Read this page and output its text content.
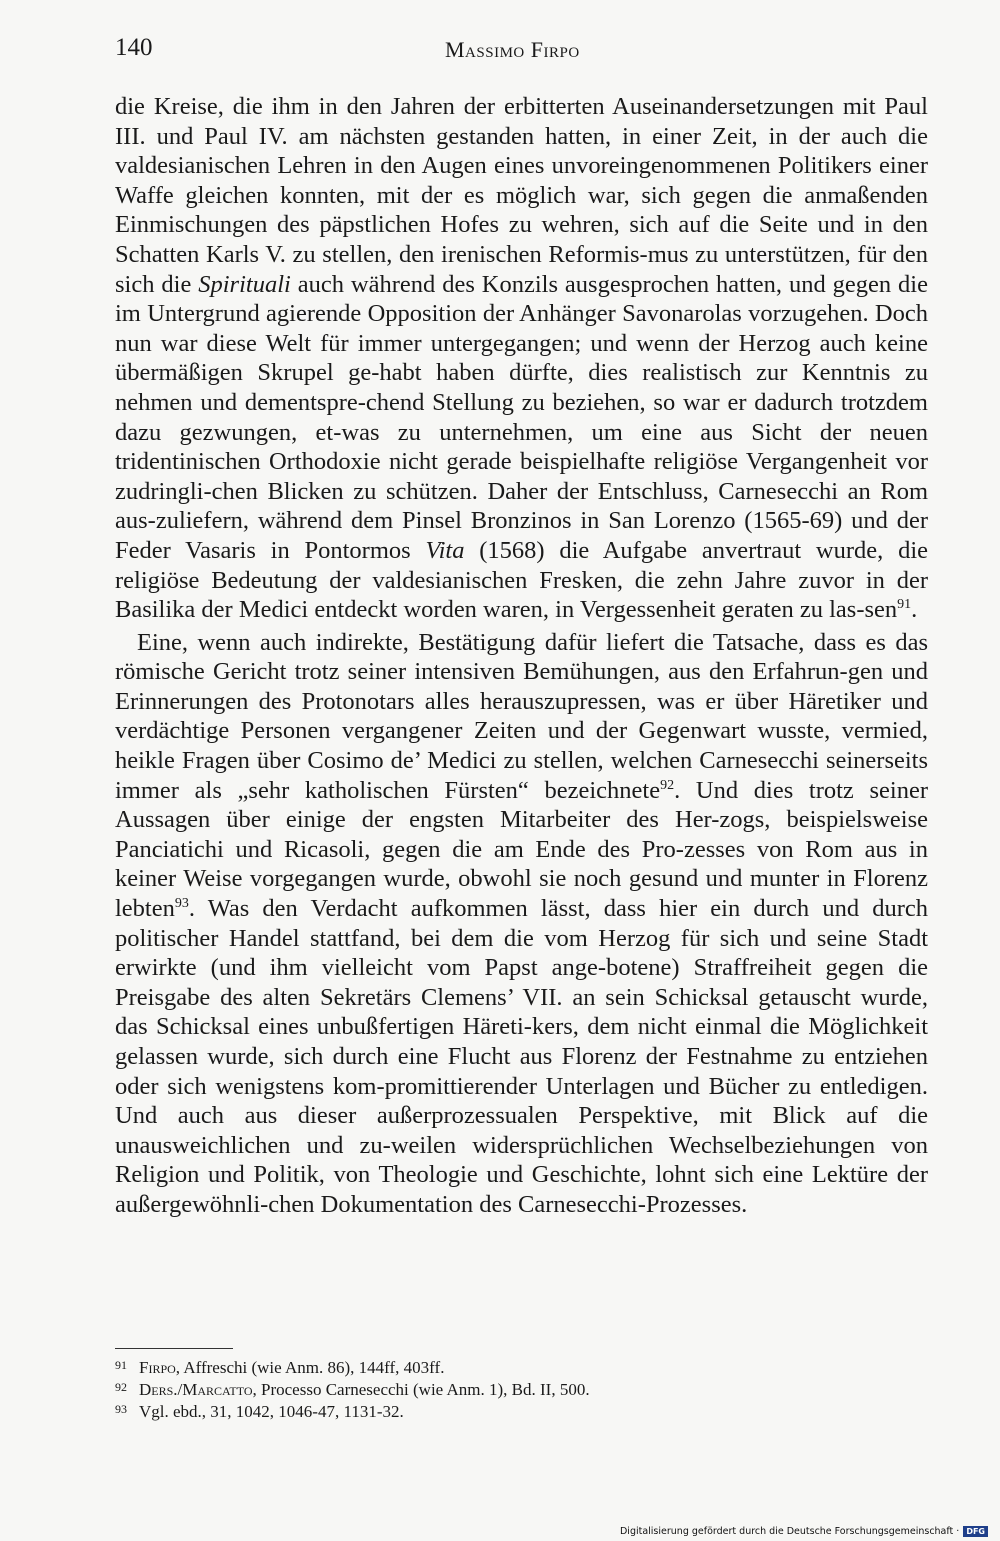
140	Massimo Firpo

die Kreise, die ihm in den Jahren der erbitterten Auseinandersetzungen mit Paul III. und Paul IV. am nächsten gestanden hatten, in einer Zeit, in der auch die valdesianischen Lehren in den Augen eines unvoreingenommenen Politikers einer Waffe gleichen konnten, mit der es möglich war, sich gegen die anmaßenden Einmischungen des päpstlichen Hofes zu wehren, sich auf die Seite und in den Schatten Karls V. zu stellen, den irenischen Reformis-mus zu unterstützen, für den sich die Spirituali auch während des Konzils ausgesprochen hatten, und gegen die im Untergrund agierende Opposition der Anhänger Savonarolas vorzugehen. Doch nun war diese Welt für immer untergegangen; und wenn der Herzog auch keine übermäßigen Skrupel ge-habt haben dürfte, dies realistisch zur Kenntnis zu nehmen und dementspre-chend Stellung zu beziehen, so war er dadurch trotzdem dazu gezwungen, et-was zu unternehmen, um eine aus Sicht der neuen tridentinischen Orthodoxie nicht gerade beispielhafte religiöse Vergangenheit vor zudringli-chen Blicken zu schützen. Daher der Entschluss, Carnesecchi an Rom aus-zuliefern, während dem Pinsel Bronzinos in San Lorenzo (1565-69) und der Feder Vasaris in Pontormos Vita (1568) die Aufgabe anvertraut wurde, die religiöse Bedeutung der valdesianischen Fresken, die zehn Jahre zuvor in der Basilika der Medici entdeckt worden waren, in Vergessenheit geraten zu las-sen$^{91}$.

Eine, wenn auch indirekte, Bestätigung dafür liefert die Tatsache, dass es das römische Gericht trotz seiner intensiven Bemühungen, aus den Erfahrun-gen und Erinnerungen des Protonotars alles herauszupressen, was er über Häretiker und verdächtige Personen vergangener Zeiten und der Gegenwart wusste, vermied, heikle Fragen über Cosimo de’ Medici zu stellen, welchen Carnesecchi seinerseits immer als „sehr katholischen Fürsten“ bezeichnete$^{92}$. Und dies trotz seiner Aussagen über einige der engsten Mitarbeiter des Her-zogs, beispielsweise Panciatichi und Ricasoli, gegen die am Ende des Pro-zesses von Rom aus in keiner Weise vorgegangen wurde, obwohl sie noch gesund und munter in Florenz lebten$^{93}$. Was den Verdacht aufkommen lässt, dass hier ein durch und durch politischer Handel stattfand, bei dem die vom Herzog für sich und seine Stadt erwirkte (und ihm vielleicht vom Papst ange-botene) Straffreiheit gegen die Preisgabe des alten Sekretärs Clemens’ VII. an sein Schicksal getauscht wurde, das Schicksal eines unbußfertigen Häreti-kers, dem nicht einmal die Möglichkeit gelassen wurde, sich durch eine Flucht aus Florenz der Festnahme zu entziehen oder sich wenigstens kom-promittierender Unterlagen und Bücher zu entledigen. Und auch aus dieser außerprozessualen Perspektive, mit Blick auf die unausweichlichen und zu-weilen widersprüchlichen Wechselbeziehungen von Religion und Politik, von Theologie und Geschichte, lohnt sich eine Lektüre der außergewöhnli-chen Dokumentation des Carnesecchi-Prozesses.

91 Firpo, Affreschi (wie Anm. 86), 144ff, 403ff.
92 Ders./Marcatto, Processo Carnesecchi (wie Anm. 1), Bd. II, 500.
93 Vgl. ebd., 31, 1042, 1046-47, 1131-32.
Digitalisierung gefördert durch die Deutsche Forschungsgemeinschaft · DFG
